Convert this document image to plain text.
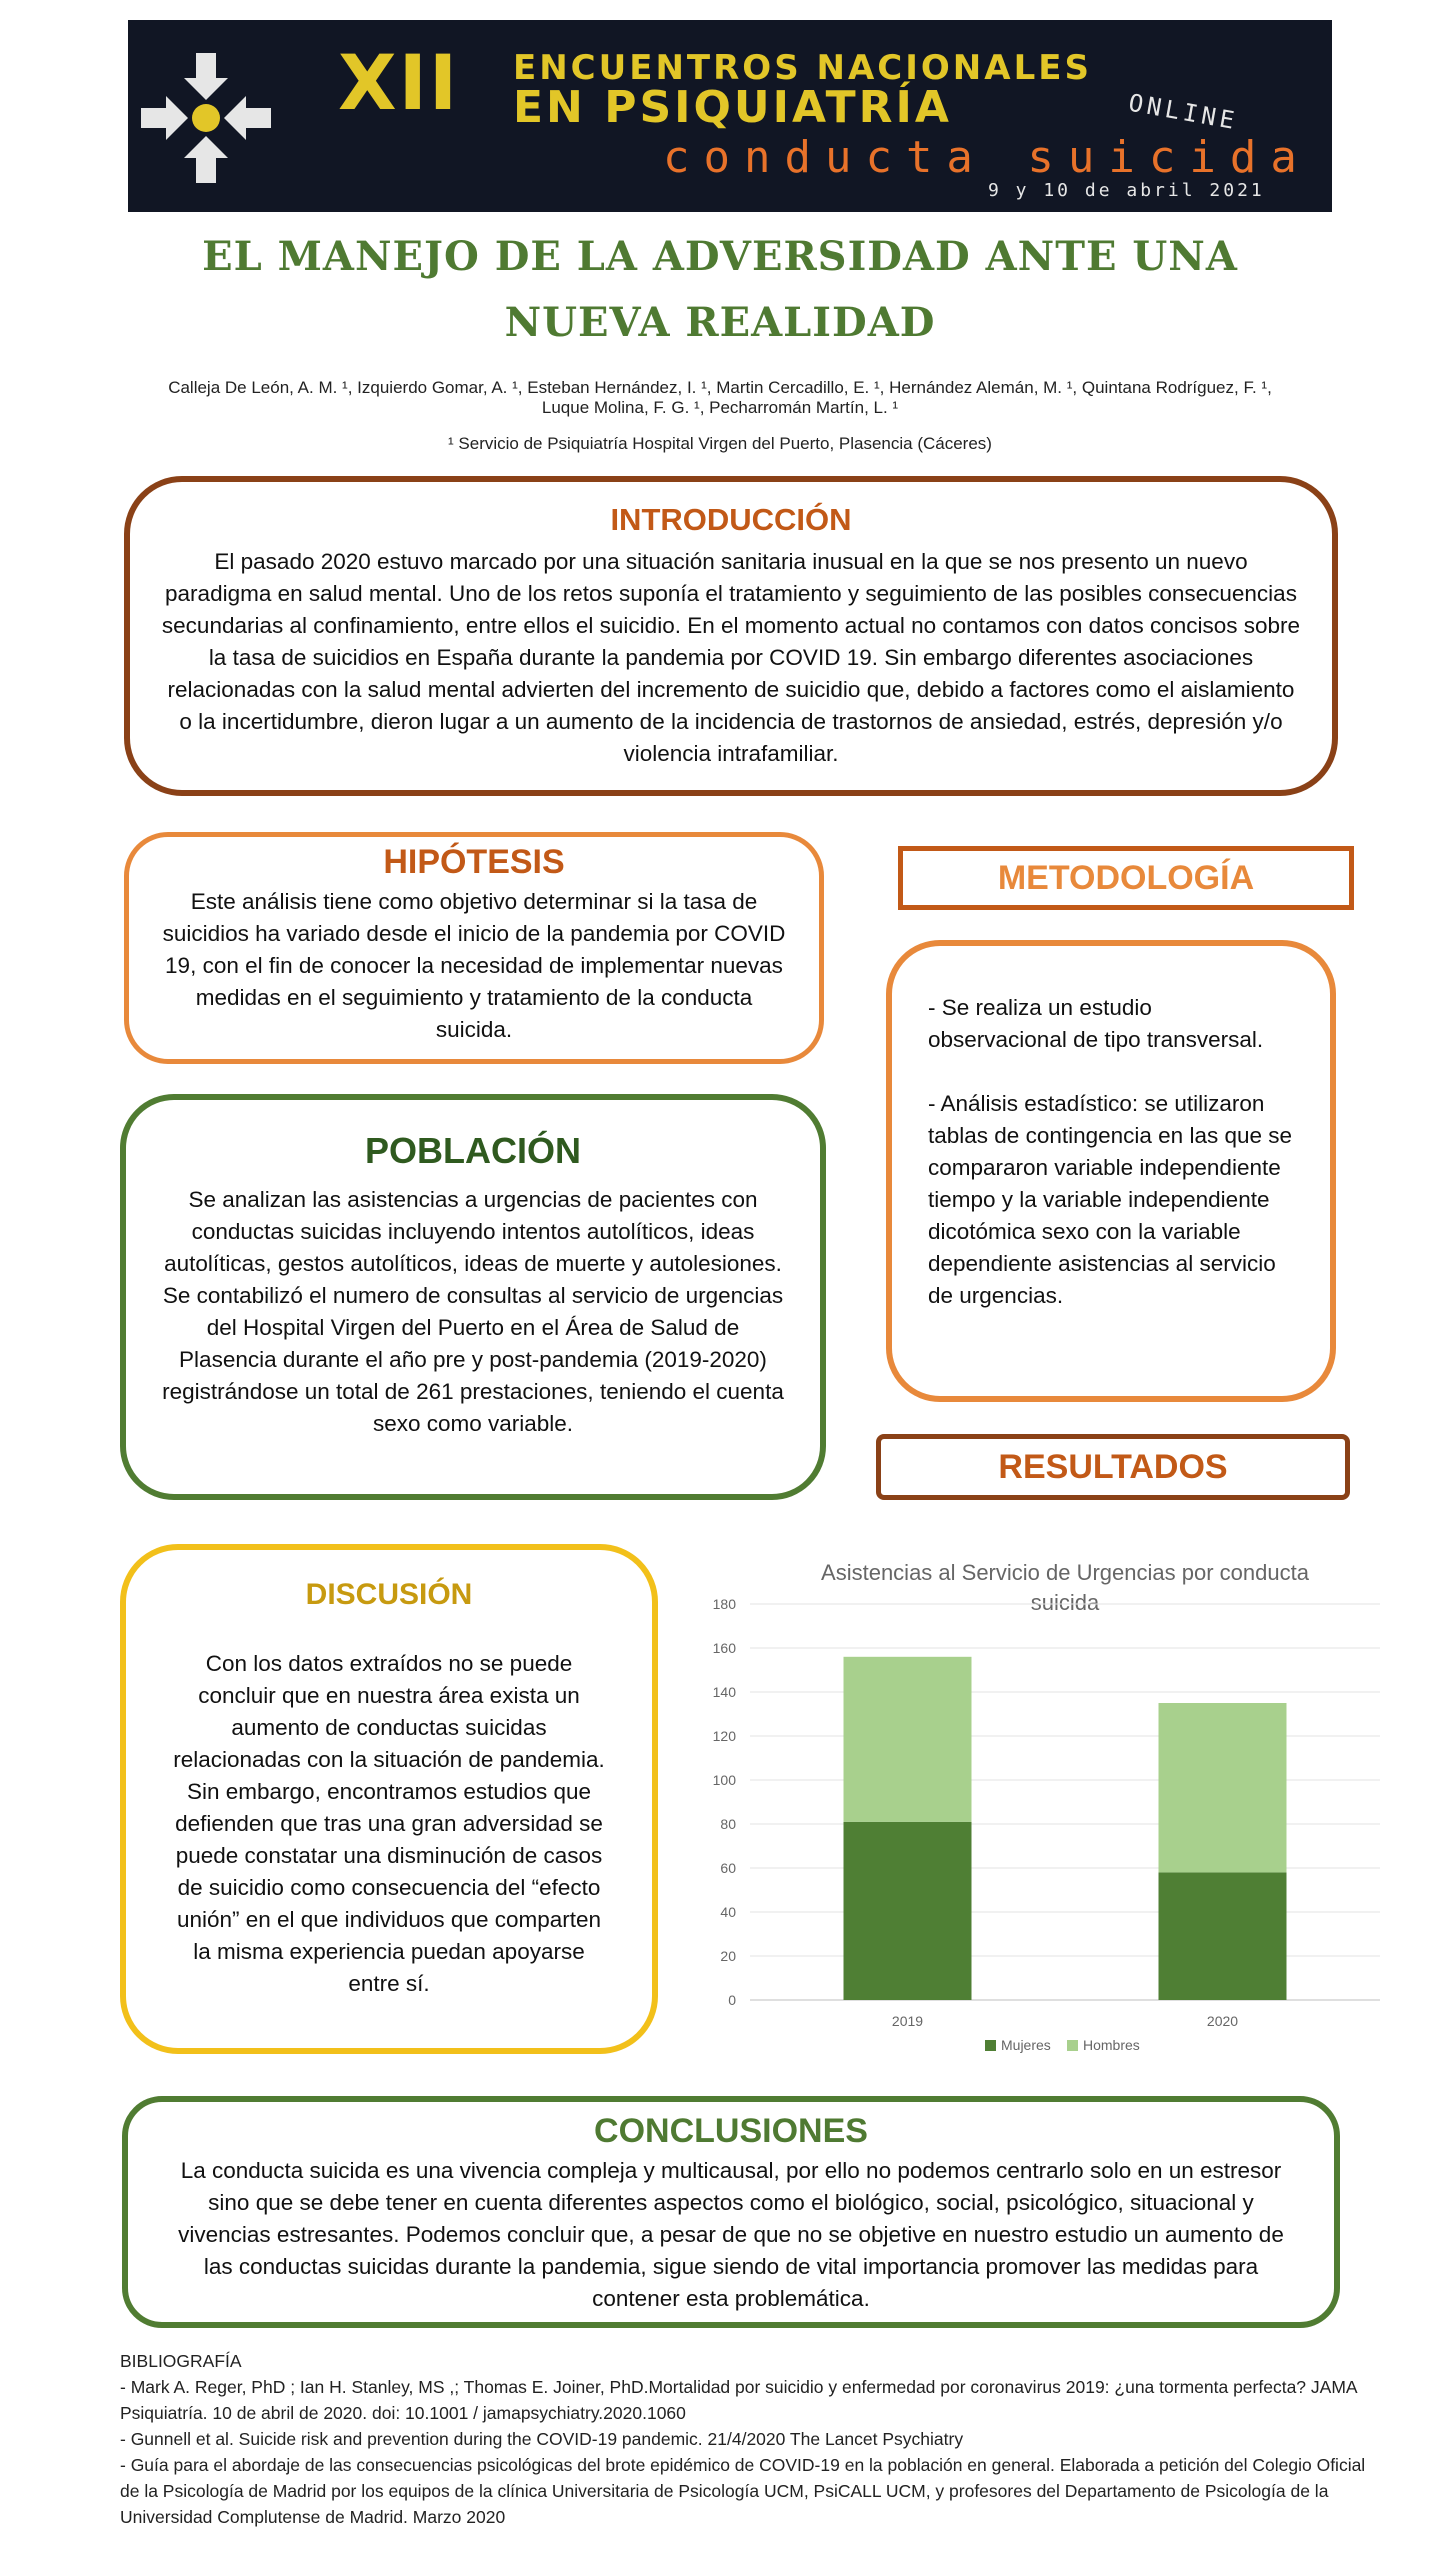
XII ENCUENTROS NACIONALES
EN PSIQUIATRÍA	ONLINE
conducta suicida
9 y 10 de abril 2021
EL MANEJO DE LA ADVERSIDAD ANTE UNA NUEVA REALIDAD
Calleja De León, A. M. ¹, Izquierdo Gomar, A. ¹, Esteban Hernández, I. ¹, Martin Cercadillo, E. ¹, Hernández Alemán, M. ¹, Quintana Rodríguez, F. ¹, Luque Molina, F. G. ¹, Pecharromán Martín, L. ¹
¹ Servicio de Psiquiatría Hospital Virgen del Puerto, Plasencia (Cáceres)
INTRODUCCIÓN
El pasado 2020 estuvo marcado por una situación sanitaria inusual en la que se nos presento un nuevo paradigma en salud mental. Uno de los retos suponía el tratamiento y seguimiento de las posibles consecuencias secundarias al confinamiento, entre ellos el suicidio. En el momento actual no contamos con datos concisos sobre la tasa de suicidios en España durante la pandemia por COVID 19. Sin embargo diferentes asociaciones relacionadas con la salud mental advierten del incremento de suicidio que, debido a factores como el aislamiento o la incertidumbre, dieron lugar a un aumento de la incidencia de trastornos de ansiedad, estrés, depresión y/o violencia intrafamiliar.
HIPÓTESIS
Este análisis tiene como objetivo determinar si la tasa de suicidios ha variado desde el inicio de la pandemia por COVID 19, con el fin de conocer la necesidad de implementar nuevas medidas en el seguimiento y tratamiento de la conducta suicida.
POBLACIÓN
Se analizan las asistencias a urgencias de pacientes con conductas suicidas incluyendo intentos autolíticos, ideas autolíticas, gestos autolíticos, ideas de muerte y autolesiones. Se contabilizó el numero de consultas al servicio de urgencias del Hospital Virgen del Puerto en el Área de Salud de Plasencia durante el año pre y post-pandemia (2019-2020) registrándose un total de 261 prestaciones, teniendo el cuenta sexo como variable.
METODOLOGÍA

- Se realiza un estudio observacional de tipo transversal.

- Análisis estadístico: se utilizaron tablas de contingencia en las que se compararon variable independiente tiempo y la variable independiente dicotómica sexo con la variable dependiente asistencias al servicio de urgencias.

RESULTADOS
DISCUSIÓN
Con los datos extraídos no se puede concluir que en nuestra área exista un aumento de conductas suicidas relacionadas con la situación de pandemia. Sin embargo, encontramos estudios que defienden que tras una gran adversidad se puede constatar una disminución de casos de suicidio como consecuencia del “efecto unión” en el que individuos que comparten la misma experiencia puedan apoyarse entre sí.
Asistencias al Servicio de Urgencias por conducta suicida
0
20
40
60
80
100
120
140
160
180
2019	2020
Mujeres Hombres
CONCLUSIONES
La conducta suicida es una vivencia compleja y multicausal, por ello no podemos centrarlo solo en un estresor sino que se debe tener en cuenta diferentes aspectos como el biológico, social, psicológico, situacional y vivencias estresantes. Podemos concluir que, a pesar de que no se objetive en nuestro estudio un aumento de las conductas suicidas durante la pandemia, sigue siendo de vital importancia promover las medidas para contener esta problemática.
BIBLIOGRAFÍA
- Mark A. Reger, PhD ; Ian H. Stanley, MS ,; Thomas E. Joiner, PhD.Mortalidad por suicidio y enfermedad por coronavirus 2019: ¿una tormenta perfecta? JAMA Psiquiatría. 10 de abril de 2020. doi: 10.1001 / jamapsychiatry.2020.1060
- Gunnell et al. Suicide risk and prevention during the COVID-19 pandemic. 21/4/2020 The Lancet Psychiatry
- Guía para el abordaje de las consecuencias psicológicas del brote epidémico de COVID-19 en la población en general. Elaborada a petición del Colegio Oficial de la Psicología de Madrid por los equipos de la clínica Universitaria de Psicología UCM, PsiCALL UCM, y profesores del Departamento de Psicología de la Universidad Complutense de Madrid. Marzo 2020
